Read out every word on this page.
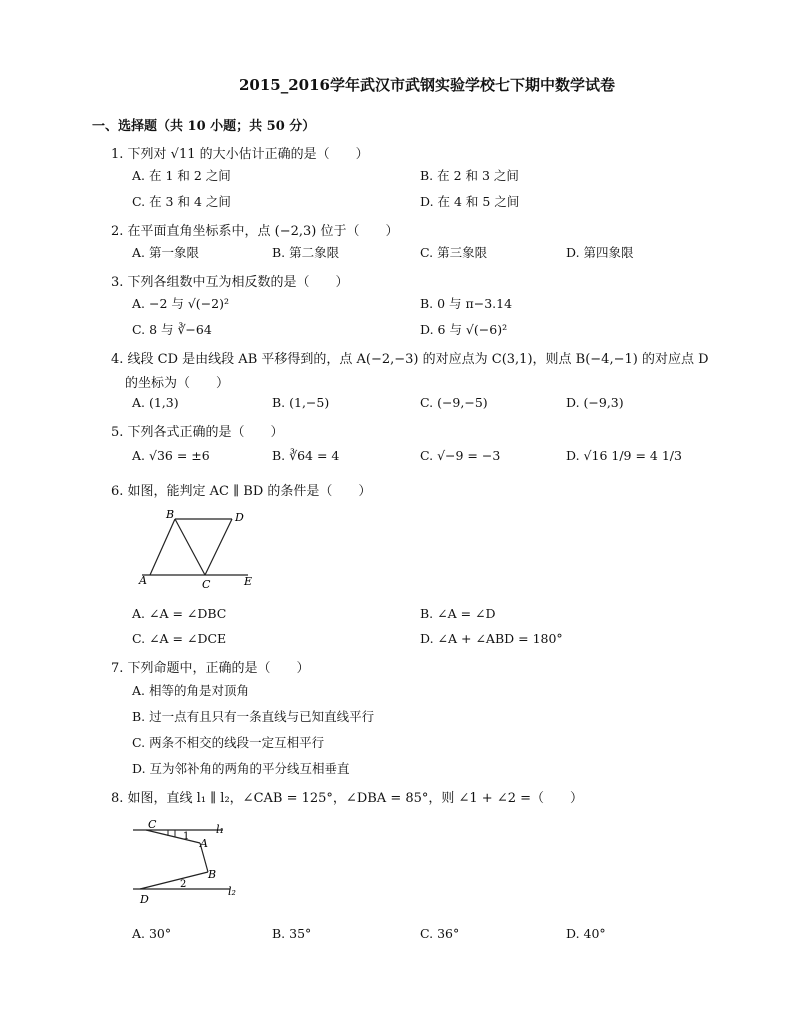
2015_2016学年武汉市武钢实验学校七下期中数学试卷
一、选择题（共 10 小题；共 50 分）
1. 下列对 √11 的大小估计正确的是（　　）
A. 在 1 和 2 之间	B. 在 2 和 3 之间
C. 在 3 和 4 之间	D. 在 4 和 5 之间
2. 在平面直角坐标系中，点 (−2,3) 位于（　　）
A. 第一象限	B. 第二象限	C. 第三象限	D. 第四象限
3. 下列各组数中互为相反数的是（　　）
A. −2 与 √(−2)²	B. 0 与 π−3.14
C. 8 与 ∛−64	D. 6 与 √(−6)²
4. 线段 CD 是由线段 AB 平移得到的，点 A(−2,−3) 的对应点为 C(3,1)，则点 B(−4,−1) 的对应点 D
的坐标为（　　）
A. (1,3)	B. (1,−5)	C. (−9,−5)	D. (−9,3)
5. 下列各式正确的是（　　）
A. √36 = ±6	B. ∛64 = 4	C. √−9 = −3	D. √16 1/9 = 4 1/3
6. 如图，能判定 AC ∥ BD 的条件是（　　）
B	D
A	C	E
A. ∠A = ∠DBC	B. ∠A = ∠D
C. ∠A = ∠DCE	D. ∠A + ∠ABD = 180°
7. 下列命题中，正确的是（　　）
A. 相等的角是对顶角
B. 过一点有且只有一条直线与已知直线平行
C. 两条不相交的线段一定互相平行
D. 互为邻补角的两角的平分线互相垂直
8. 如图，直线 l₁ ∥ l₂，∠CAB = 125°，∠DBA = 85°，则 ∠1 + ∠2 =（　　）
C
1
l₁
A
B
2
D
l₂
A. 30°	B. 35°	C. 36°	D. 40°
